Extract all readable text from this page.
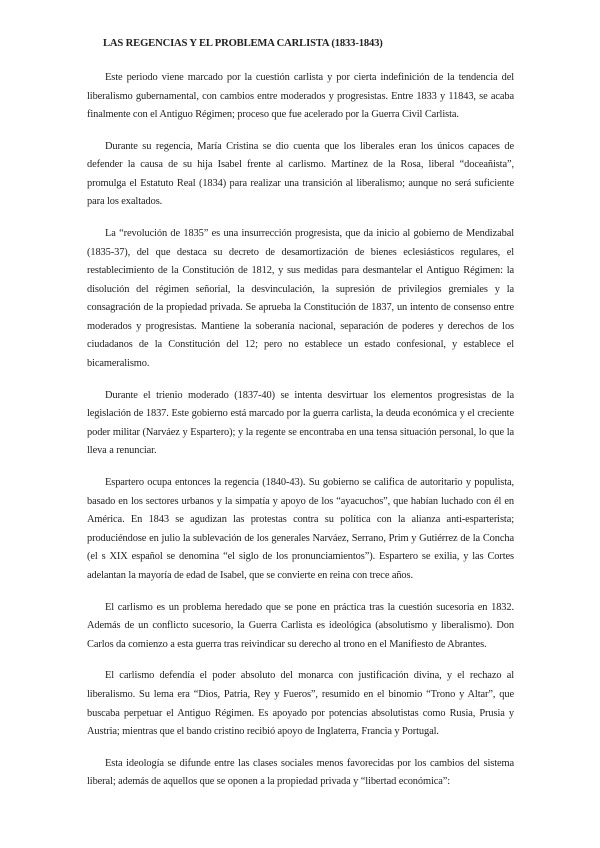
LAS REGENCIAS Y EL PROBLEMA CARLISTA (1833-1843)

Este periodo viene marcado por la cuestión carlista y por cierta indefinición de la tendencia del liberalismo gubernamental, con cambios entre moderados y progresistas. Entre 1833 y 11843, se acaba finalmente con el Antiguo Régimen; proceso que fue acelerado por la Guerra Civil Carlista.

Durante su regencia, María Cristina se dio cuenta que los liberales eran los únicos capaces de defender la causa de su hija Isabel frente al carlismo. Martínez de la Rosa, liberal “doceañista”, promulga el Estatuto Real (1834) para realizar una transición al liberalismo; aunque no será suficiente para los exaltados.

La “revolución de 1835” es una insurrección progresista, que da inicio al gobierno de Mendizabal (1835-37), del que destaca su decreto de desamortización de bienes eclesiásticos regulares, el restablecimiento de la Constitución de 1812, y sus medidas para desmantelar el Antiguo Régimen: la disolución del régimen señorial, la desvinculación, la supresión de privilegios gremiales y la consagración de la propiedad privada. Se aprueba la Constitución de 1837, un intento de consenso entre moderados y progresistas. Mantiene la soberanía nacional, separación de poderes y derechos de los ciudadanos de la Constitución del 12; pero no establece un estado confesional, y establece el bicameralismo.

Durante el trienio moderado (1837-40) se intenta desvirtuar los elementos progresistas de la legislación de 1837. Este gobierno está marcado por la guerra carlista, la deuda económica y el creciente poder militar (Narváez y Espartero); y la regente se encontraba en una tensa situación personal, lo que la lleva a renunciar.

Espartero ocupa entonces la regencia (1840-43). Su gobierno se califica de autoritario y populista, basado en los sectores urbanos y la simpatía y apoyo de los “ayacuchos”, que habían luchado con él en América. En 1843 se agudizan las protestas contra su política con la alianza anti-esparterista; produciéndose en julio la sublevación de los generales Narváez, Serrano, Prim y Gutiérrez de la Concha (el s XIX español se denomina “el siglo de los pronunciamientos”). Espartero se exilia, y las Cortes adelantan la mayoría de edad de Isabel, que se convierte en reina con trece años.

El carlismo es un problema heredado que se pone en práctica tras la cuestión sucesoria en 1832. Además de un conflicto sucesorio, la Guerra Carlista es ideológica (absolutismo y liberalismo). Don Carlos da comienzo a esta guerra tras reivindicar su derecho al trono en el Manifiesto de Abrantes.

El carlismo defendía el poder absoluto del monarca con justificación divina, y el rechazo al liberalismo. Su lema era “Dios, Patria, Rey y Fueros”, resumido en el binomio “Trono y Altar”, que buscaba perpetuar el Antiguo Régimen. Es apoyado por potencias absolutistas como Rusia, Prusia y Austria; mientras que el bando cristino recibió apoyo de Inglaterra, Francia y Portugal.

Esta ideología se difunde entre las clases sociales menos favorecidas por los cambios del sistema liberal; además de aquellos que se oponen a la propiedad privada y “libertad económica”:
